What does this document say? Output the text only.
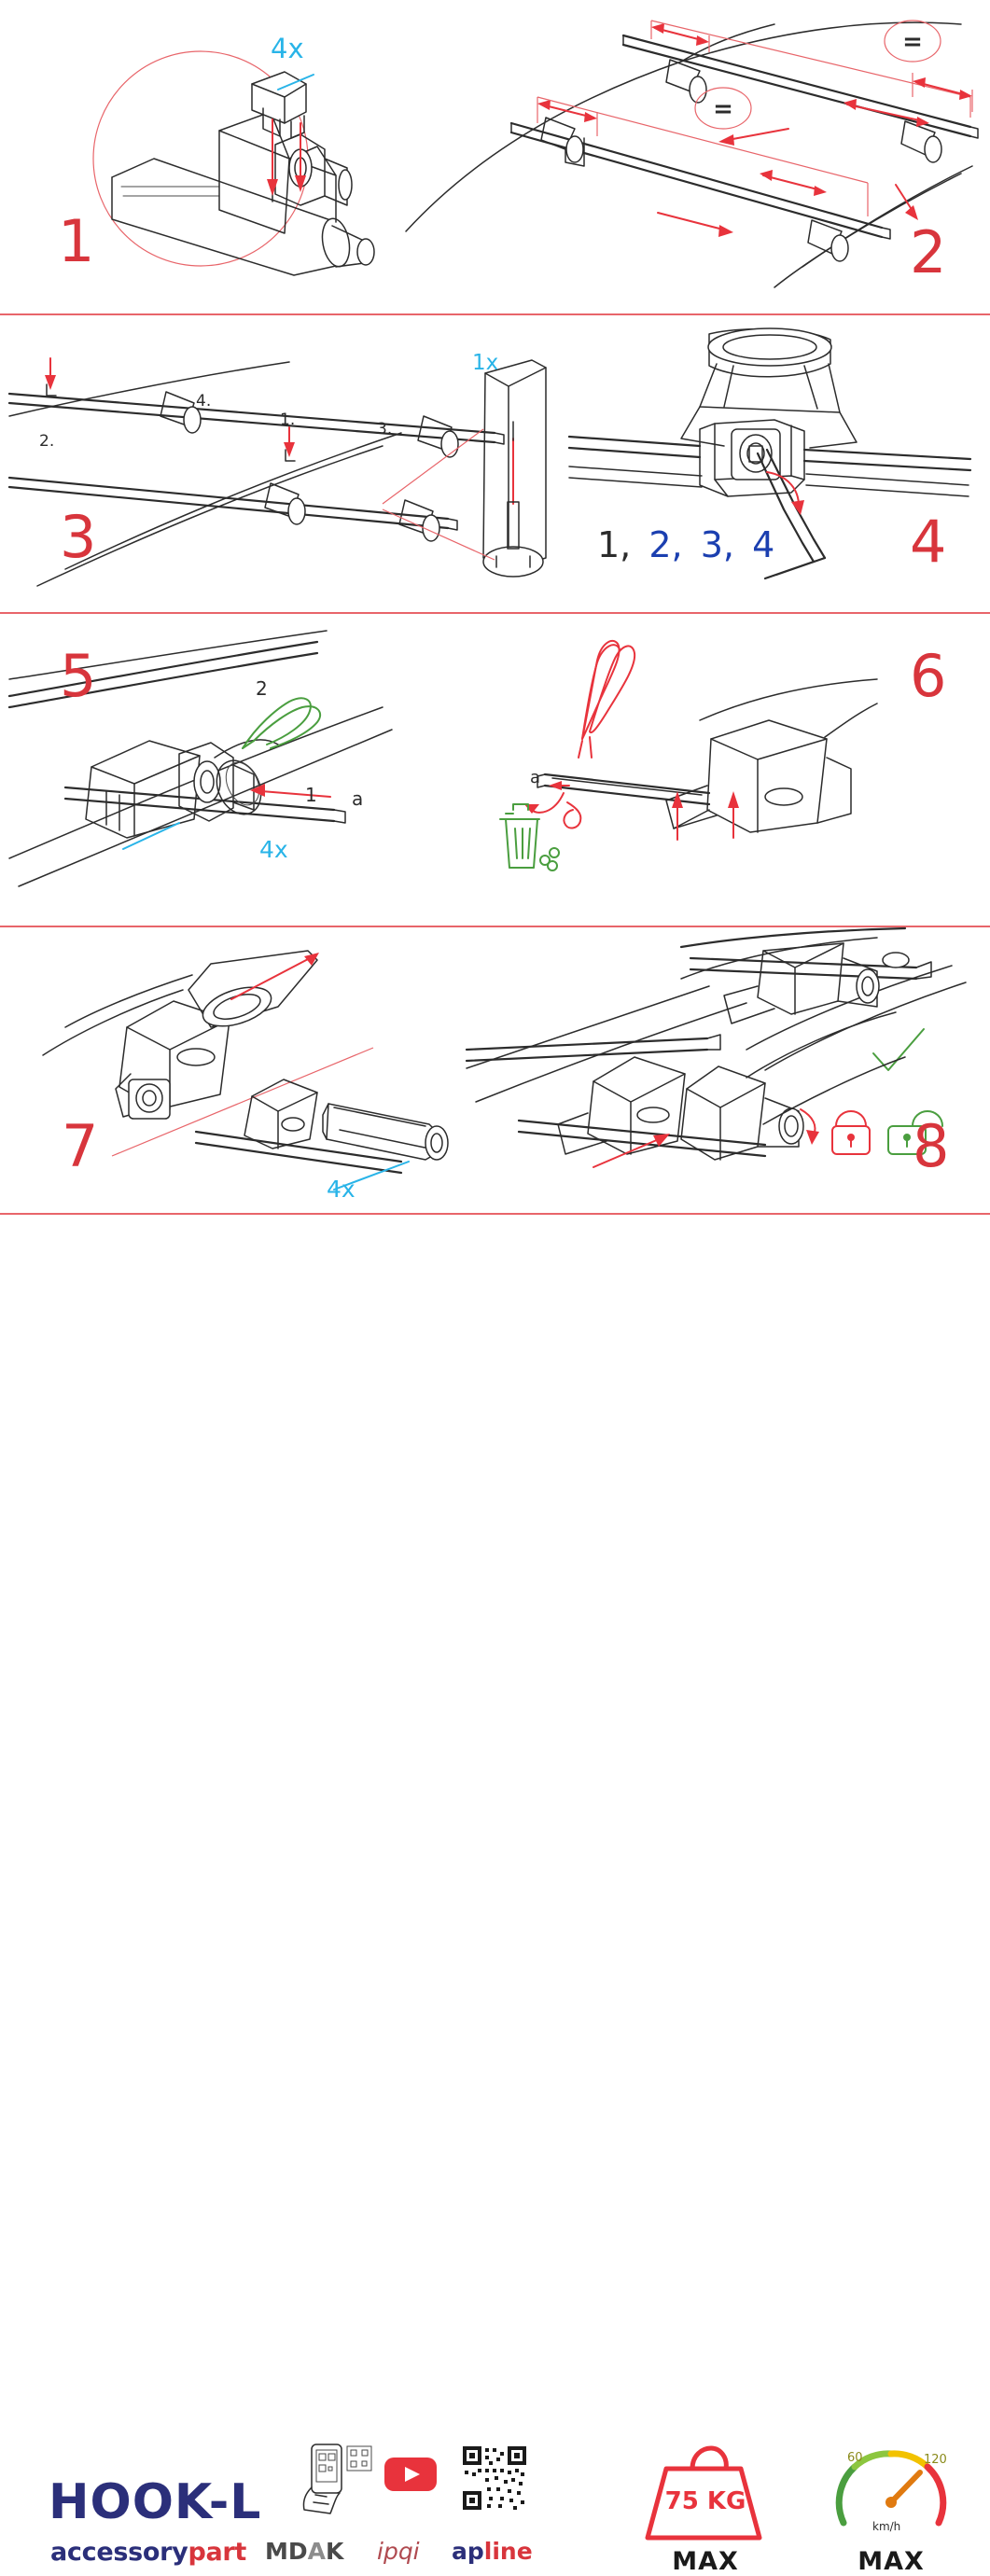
4x
1
=
=
2
1.
2.
3.
4.
1x
3	1, 2, 3, 4 4
5
1
2
a
4x
6
a
7
4x
8
HOOK-L
accessorypart MDAK ipqi apline
75 KG
MAX
60	120
km/h
MAX
